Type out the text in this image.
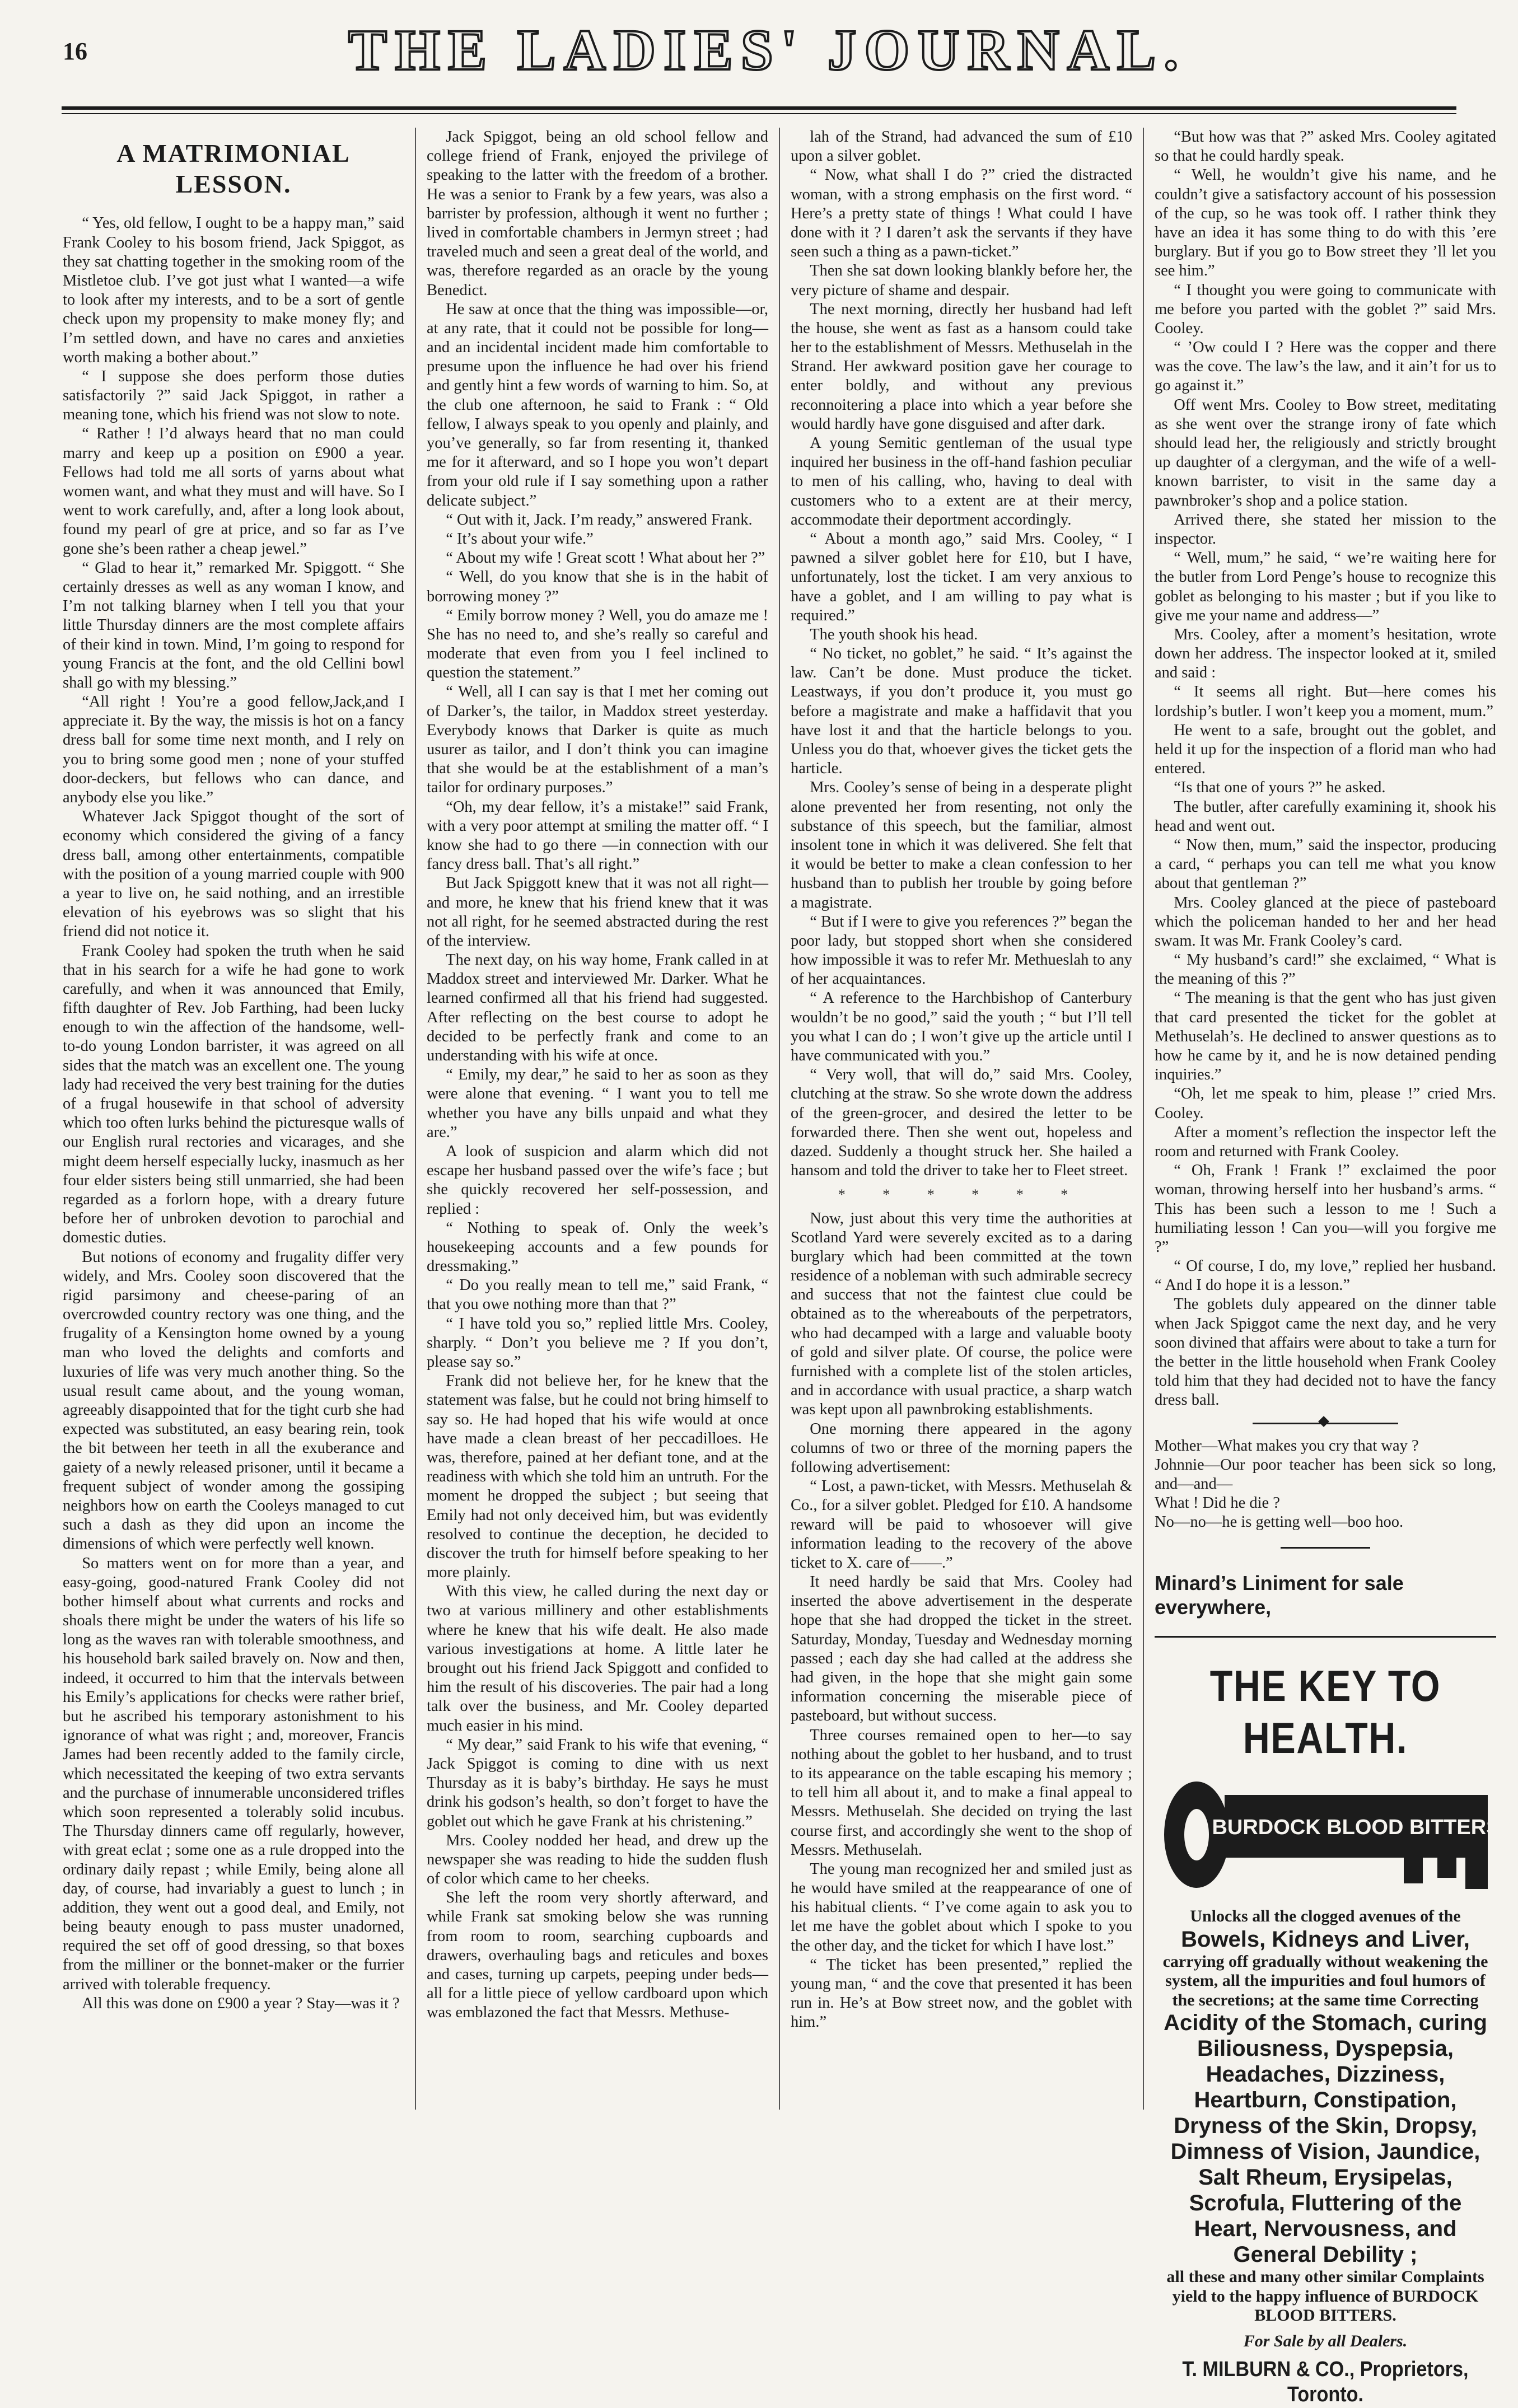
16	THE LADIES' JOURNAL.
A MATRIMONIAL LESSON.

“ Yes, old fellow, I ought to be a happy man,” said Frank Cooley to his bosom friend, Jack Spiggot, as they sat chatting together in the smoking room of the Mistletoe club. I’ve got just what I wanted—a wife to look after my interests, and to be a sort of gentle check upon my propensity to make money fly; and I’m settled down, and have no cares and anxieties worth making a bother about.”

“ I suppose she does perform those duties satisfactorily ?” said Jack Spiggot, in rather a meaning tone, which his friend was not slow to note.

“ Rather ! I’d always heard that no man could marry and keep up a position on £900 a year. Fellows had told me all sorts of yarns about what women want, and what they must and will have. So I went to work carefully, and, after a long look about, found my pearl of gre at price, and so far as I’ve gone she’s been rather a cheap jewel.”

“ Glad to hear it,” remarked Mr. Spiggott. “ She certainly dresses as well as any woman I know, and I’m not talking blarney when I tell you that your little Thursday dinners are the most complete affairs of their kind in town. Mind, I’m going to respond for young Francis at the font, and the old Cellini bowl shall go with my blessing.”

“All right ! You’re a good fellow,Jack,and I appreciate it. By the way, the missis is hot on a fancy dress ball for some time next month, and I rely on you to bring some good men ; none of your stuffed door-deckers, but fellows who can dance, and anybody else you like.”

Whatever Jack Spiggot thought of the sort of economy which considered the giving of a fancy dress ball, among other entertainments, compatible with the position of a young married couple with 900 a year to live on, he said nothing, and an irrestible elevation of his eyebrows was so slight that his friend did not notice it.

Frank Cooley had spoken the truth when he said that in his search for a wife he had gone to work carefully, and when it was announced that Emily, fifth daughter of Rev. Job Farthing, had been lucky enough to win the affection of the handsome, well-to-do young London barrister, it was agreed on all sides that the match was an excellent one. The young lady had received the very best training for the duties of a frugal housewife in that school of adversity which too often lurks behind the picturesque walls of our English rural rectories and vicarages, and she might deem herself especially lucky, inasmuch as her four elder sisters being still unmarried, she had been regarded as a forlorn hope, with a dreary future before her of unbroken devotion to parochial and domestic duties.

But notions of economy and frugality differ very widely, and Mrs. Cooley soon discovered that the rigid parsimony and cheese-paring of an overcrowded country rectory was one thing, and the frugality of a Kensington home owned by a young man who loved the delights and comforts and luxuries of life was very much another thing. So the usual result came about, and the young woman, agreeably disappointed that for the tight curb she had expected was substituted, an easy bearing rein, took the bit between her teeth in all the exuberance and gaiety of a newly released prisoner, until it became a frequent subject of wonder among the gossiping neighbors how on earth the Cooleys managed to cut such a dash as they did upon an income the dimensions of which were perfectly well known.

So matters went on for more than a year, and easy-going, good-natured Frank Cooley did not bother himself about what currents and rocks and shoals there might be under the waters of his life so long as the waves ran with tolerable smoothness, and his household bark sailed bravely on. Now and then, indeed, it occurred to him that the intervals between his Emily’s applications for checks were rather brief, but he ascribed his temporary astonishment to his ignorance of what was right ; and, moreover, Francis James had been recently added to the family circle, which necessitated the keeping of two extra servants and the purchase of innumerable unconsidered trifles which soon represented a tolerably solid incubus. The Thursday dinners came off regularly, however, with great eclat ; some one as a rule dropped into the ordinary daily repast ; while Emily, being alone all day, of course, had invariably a guest to lunch ; in addition, they went out a good deal, and Emily, not being beauty enough to pass muster unadorned, required the set off of good dressing, so that boxes from the milliner or the bonnet-maker or the furrier arrived with tolerable frequency.

All this was done on £900 a year ? Stay—was it ?

Jack Spiggot, being an old school fellow and college friend of Frank, enjoyed the privilege of speaking to the latter with the freedom of a brother. He was a senior to Frank by a few years, was also a barrister by profession, although it went no further ; lived in comfortable chambers in Jermyn street ; had traveled much and seen a great deal of the world, and was, therefore regarded as an oracle by the young Benedict.

He saw at once that the thing was impossible—or, at any rate, that it could not be possible for long—and an incidental incident made him comfortable to presume upon the influence he had over his friend and gently hint a few words of warning to him. So, at the club one afternoon, he said to Frank : “ Old fellow, I always speak to you openly and plainly, and you’ve generally, so far from resenting it, thanked me for it afterward, and so I hope you won’t depart from your old rule if I say something upon a rather delicate subject.”

“ Out with it, Jack. I’m ready,” answered Frank.

“ It’s about your wife.”

“ About my wife ! Great scott ! What about her ?”

“ Well, do you know that she is in the habit of borrowing money ?”

“ Emily borrow money ? Well, you do amaze me ! She has no need to, and she’s really so careful and moderate that even from you I feel inclined to question the statement.”

“ Well, all I can say is that I met her coming out of Darker’s, the tailor, in Maddox street yesterday. Everybody knows that Darker is quite as much usurer as tailor, and I don’t think you can imagine that she would be at the establishment of a man’s tailor for ordinary purposes.”

“Oh, my dear fellow, it’s a mistake!” said Frank, with a very poor attempt at smiling the matter off. “ I know she had to go there —in connection with our fancy dress ball. That’s all right.”

But Jack Spiggott knew that it was not all right—and more, he knew that his friend knew that it was not all right, for he seemed abstracted during the rest of the interview.

The next day, on his way home, Frank called in at Maddox street and interviewed Mr. Darker. What he learned confirmed all that his friend had suggested. After reflecting on the best course to adopt he decided to be perfectly frank and come to an understanding with his wife at once.

“ Emily, my dear,” he said to her as soon as they were alone that evening. “ I want you to tell me whether you have any bills unpaid and what they are.”

A look of suspicion and alarm which did not escape her husband passed over the wife’s face ; but she quickly recovered her self-possession, and replied :

“ Nothing to speak of. Only the week’s housekeeping accounts and a few pounds for dressmaking.”

“ Do you really mean to tell me,” said Frank, “ that you owe nothing more than that ?”

“ I have told you so,” replied little Mrs. Cooley, sharply. “ Don’t you believe me ? If you don’t, please say so.”

Frank did not believe her, for he knew that the statement was false, but he could not bring himself to say so. He had hoped that his wife would at once have made a clean breast of her peccadilloes. He was, therefore, pained at her defiant tone, and at the readiness with which she told him an untruth. For the moment he dropped the subject ; but seeing that Emily had not only deceived him, but was evidently resolved to continue the deception, he decided to discover the truth for himself before speaking to her more plainly.

With this view, he called during the next day or two at various millinery and other establishments where he knew that his wife dealt. He also made various investigations at home. A little later he brought out his friend Jack Spiggott and confided to him the result of his discoveries. The pair had a long talk over the business, and Mr. Cooley departed much easier in his mind.

“ My dear,” said Frank to his wife that evening, “ Jack Spiggot is coming to dine with us next Thursday as it is baby’s birthday. He says he must drink his godson’s health, so don’t forget to have the goblet out which he gave Frank at his christening.”

Mrs. Cooley nodded her head, and drew up the newspaper she was reading to hide the sudden flush of color which came to her cheeks.

She left the room very shortly afterward, and while Frank sat smoking below she was running from room to room, searching cupboards and drawers, overhauling bags and reticules and boxes and cases, turning up carpets, peeping under beds—all for a little piece of yellow cardboard upon which was emblazoned the fact that Messrs. Methuse-

lah of the Strand, had advanced the sum of £10 upon a silver goblet.

“ Now, what shall I do ?” cried the distracted woman, with a strong emphasis on the first word. “ Here’s a pretty state of things ! What could I have done with it ? I daren’t ask the servants if they have seen such a thing as a pawn-ticket.”

Then she sat down looking blankly before her, the very picture of shame and despair.

The next morning, directly her husband had left the house, she went as fast as a hansom could take her to the establishment of Messrs. Methuselah in the Strand. Her awkward position gave her courage to enter boldly, and without any previous reconnoitering a place into which a year before she would hardly have gone disguised and after dark.

A young Semitic gentleman of the usual type inquired her business in the off-hand fashion peculiar to men of his calling, who, having to deal with customers who to a extent are at their mercy, accommodate their deportment accordingly.

“ About a month ago,” said Mrs. Cooley, “ I pawned a silver goblet here for £10, but I have, unfortunately, lost the ticket. I am very anxious to have a goblet, and I am willing to pay what is required.”

The youth shook his head.

“ No ticket, no goblet,” he said. “ It’s against the law. Can’t be done. Must produce the ticket. Leastways, if you don’t produce it, you must go before a magistrate and make a haffidavit that you have lost it and that the harticle belongs to you. Unless you do that, whoever gives the ticket gets the harticle.

Mrs. Cooley’s sense of being in a desperate plight alone prevented her from resenting, not only the substance of this speech, but the familiar, almost insolent tone in which it was delivered. She felt that it would be better to make a clean confession to her husband than to publish her trouble by going before a magistrate.

“ But if I were to give you references ?” began the poor lady, but stopped short when she considered how impossible it was to refer Mr. Methueslah to any of her acquaintances.

“ A reference to the Harchbishop of Canterbury wouldn’t be no good,” said the youth ; “ but I’ll tell you what I can do ; I won’t give up the article until I have communicated with you.”

“ Very woll, that will do,” said Mrs. Cooley, clutching at the straw. So she wrote down the address of the green-grocer, and desired the letter to be forwarded there. Then she went out, hopeless and dazed. Suddenly a thought struck her. She hailed a hansom and told the driver to take her to Fleet street.

* * * * * *

Now, just about this very time the authorities at Scotland Yard were severely excited as to a daring burglary which had been committed at the town residence of a nobleman with such admirable secrecy and success that not the faintest clue could be obtained as to the whereabouts of the perpetrators, who had decamped with a large and valuable booty of gold and silver plate. Of course, the police were furnished with a complete list of the stolen articles, and in accordance with usual practice, a sharp watch was kept upon all pawnbroking establishments.

One morning there appeared in the agony columns of two or three of the morning papers the following advertisement:

“ Lost, a pawn-ticket, with Messrs. Methuselah & Co., for a silver goblet. Pledged for £10. A handsome reward will be paid to whosoever will give information leading to the recovery of the above ticket to X. care of——.”

It need hardly be said that Mrs. Cooley had inserted the above advertisement in the desperate hope that she had dropped the ticket in the street. Saturday, Monday, Tuesday and Wednesday morning passed ; each day she had called at the address she had given, in the hope that she might gain some information concerning the miserable piece of pasteboard, but without success.

Three courses remained open to her—to say nothing about the goblet to her husband, and to trust to its appearance on the table escaping his memory ; to tell him all about it, and to make a final appeal to Messrs. Methuselah. She decided on trying the last course first, and accordingly she went to the shop of Messrs. Methuselah.

The young man recognized her and smiled just as he would have smiled at the reappearance of one of his habitual clients. “ I’ve come again to ask you to let me have the goblet about which I spoke to you the other day, and the ticket for which I have lost.”

“ The ticket has been presented,” replied the young man, “ and the cove that presented it has been run in. He’s at Bow street now, and the goblet with him.”

“But how was that ?” asked Mrs. Cooley agitated so that he could hardly speak.

“ Well, he wouldn’t give his name, and he couldn’t give a satisfactory account of his possession of the cup, so he was took off. I rather think they have an idea it has some thing to do with this ’ere burglary. But if you go to Bow street they ’ll let you see him.”

“ I thought you were going to communicate with me before you parted with the goblet ?” said Mrs. Cooley.

“ ’Ow could I ? Here was the copper and there was the cove. The law’s the law, and it ain’t for us to go against it.”

Off went Mrs. Cooley to Bow street, meditating as she went over the strange irony of fate which should lead her, the religiously and strictly brought up daughter of a clergyman, and the wife of a well-known barrister, to visit in the same day a pawnbroker’s shop and a police station.

Arrived there, she stated her mission to the inspector.

“ Well, mum,” he said, “ we’re waiting here for the butler from Lord Penge’s house to recognize this goblet as belonging to his master ; but if you like to give me your name and address—”

Mrs. Cooley, after a moment’s hesitation, wrote down her address. The inspector looked at it, smiled and said :

“ It seems all right. But—here comes his lordship’s butler. I won’t keep you a moment, mum.”

He went to a safe, brought out the goblet, and held it up for the inspection of a florid man who had entered.

“Is that one of yours ?” he asked.

The butler, after carefully examining it, shook his head and went out.

“ Now then, mum,” said the inspector, producing a card, “ perhaps you can tell me what you know about that gentleman ?”

Mrs. Cooley glanced at the piece of pasteboard which the policeman handed to her and her head swam. It was Mr. Frank Cooley’s card.

“ My husband’s card!” she exclaimed, “ What is the meaning of this ?”

“ The meaning is that the gent who has just given that card presented the ticket for the goblet at Methuselah’s. He declined to answer questions as to how he came by it, and he is now detained pending inquiries.”

“Oh, let me speak to him, please !” cried Mrs. Cooley.

After a moment’s reflection the inspector left the room and returned with Frank Cooley.

“ Oh, Frank ! Frank !” exclaimed the poor woman, throwing herself into her husband’s arms. “ This has been such a lesson to me ! Such a humiliating lesson ! Can you—will you forgive me ?”

“ Of course, I do, my love,” replied her husband. “ And I do hope it is a lesson.”

The goblets duly appeared on the dinner table when Jack Spiggot came the next day, and he very soon divined that affairs were about to take a turn for the better in the little household when Frank Cooley told him that they had decided not to have the fancy dress ball.

Mother—What makes you cry that way ?

Johnnie—Our poor teacher has been sick so long, and—and—

What ! Did he die ?

No—no—he is getting well—boo hoo.

Minard’s Liniment for sale everywhere,
THE KEY TO HEALTH.
BURDOCK BLOOD BITTERS
Unlocks all the clogged avenues of the
Bowels, Kidneys and Liver,
carrying off gradually without weakening the system, all the impurities and foul humors of the secretions; at the same time Correcting
Acidity of the Stomach, curing Biliousness, Dyspepsia, Headaches, Dizziness, Heartburn, Constipation, Dryness of the Skin, Dropsy, Dimness of Vision, Jaundice, Salt Rheum, Erysipelas, Scrofula, Fluttering of the Heart, Nervousness, and General Debility ;
all these and many other similar Complaints yield to the happy influence of BURDOCK BLOOD BITTERS.
For Sale by all Dealers.
T. MILBURN & CO., Proprietors, Toronto.
